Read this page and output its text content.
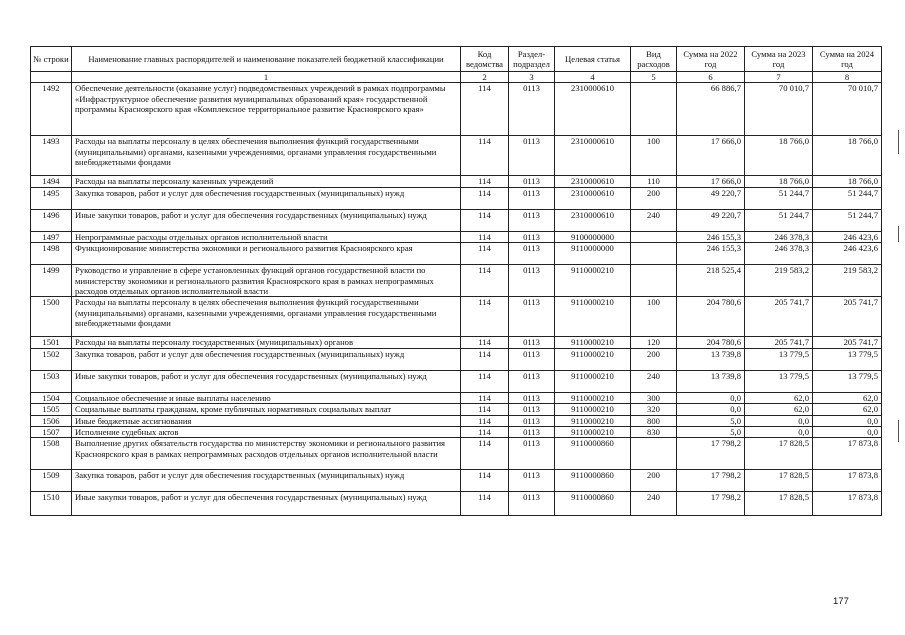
№ строки	Наименование главных распорядителей и наименование показателей бюджетной классификации	Код ведомства	Раздел-подраздел	Целевая статья	Вид расходов	Сумма на 2022 год	Сумма на 2023 год	Сумма на 2024 год
	1	2	3	4	5	6	7	8
1492	Обеспечение деятельности (оказание услуг) подведомственных учреждений в рамках подпрограммы «Инфраструктурное обеспечение развития муниципальных образований края» государственной программы Красноярского края «Комплексное территориальное развитие Красноярского края»	114	0113	2310000610		66 886,7	70 010,7	70 010,7
1493	Расходы на выплаты персоналу в целях обеспечения выполнения функций государственными (муниципальными) органами, казенными учреждениями, органами управления государственными внебюджетными фондами	114	0113	2310000610	100	17 666,0	18 766,0	18 766,0
1494	Расходы на выплаты персоналу казенных учреждений	114	0113	2310000610	110	17 666,0	18 766,0	18 766,0
1495	Закупка товаров, работ и услуг для обеспечения государственных (муниципальных) нужд	114	0113	2310000610	200	49 220,7	51 244,7	51 244,7
1496	Иные закупки товаров, работ и услуг для обеспечения государственных (муниципальных) нужд	114	0113	2310000610	240	49 220,7	51 244,7	51 244,7
1497	Непрограммные расходы отдельных органов исполнительной власти	114	0113	9100000000		246 155,3	246 378,3	246 423,6
1498	Функционирование министерства экономики и регионального развития Красноярского края	114	0113	9110000000		246 155,3	246 378,3	246 423,6
1499	Руководство и управление в сфере установленных функций органов государственной власти по министерству экономики и регионального развития Красноярского края в рамках непрограммных расходов отдельных органов исполнительной власти	114	0113	9110000210		218 525,4	219 583,2	219 583,2
1500	Расходы на выплаты персоналу в целях обеспечения выполнения функций государственными (муниципальными) органами, казенными учреждениями, органами управления государственными внебюджетными фондами	114	0113	9110000210	100	204 780,6	205 741,7	205 741,7
1501	Расходы на выплаты персоналу государственных (муниципальных) органов	114	0113	9110000210	120	204 780,6	205 741,7	205 741,7
1502	Закупка товаров, работ и услуг для обеспечения государственных (муниципальных) нужд	114	0113	9110000210	200	13 739,8	13 779,5	13 779,5
1503	Иные закупки товаров, работ и услуг для обеспечения государственных (муниципальных) нужд	114	0113	9110000210	240	13 739,8	13 779,5	13 779,5
1504	Социальное обеспечение и иные выплаты населению	114	0113	9110000210	300	0,0	62,0	62,0
1505	Социальные выплаты гражданам, кроме публичных нормативных социальных выплат	114	0113	9110000210	320	0,0	62,0	62,0
1506	Иные бюджетные ассигнования	114	0113	9110000210	800	5,0	0,0	0,0
1507	Исполнение судебных актов	114	0113	9110000210	830	5,0	0,0	0,0
1508	Выполнение других обязательств государства по министерству экономики и регионального развития Красноярского края в рамках непрограммных расходов отдельных органов исполнительной власти	114	0113	9110000860		17 798,2	17 828,5	17 873,8
1509	Закупка товаров, работ и услуг для обеспечения государственных (муниципальных) нужд	114	0113	9110000860	200	17 798,2	17 828,5	17 873,8
1510	Иные закупки товаров, работ и услуг для обеспечения государственных (муниципальных) нужд	114	0113	9110000860	240	17 798,2	17 828,5	17 873,8
177
